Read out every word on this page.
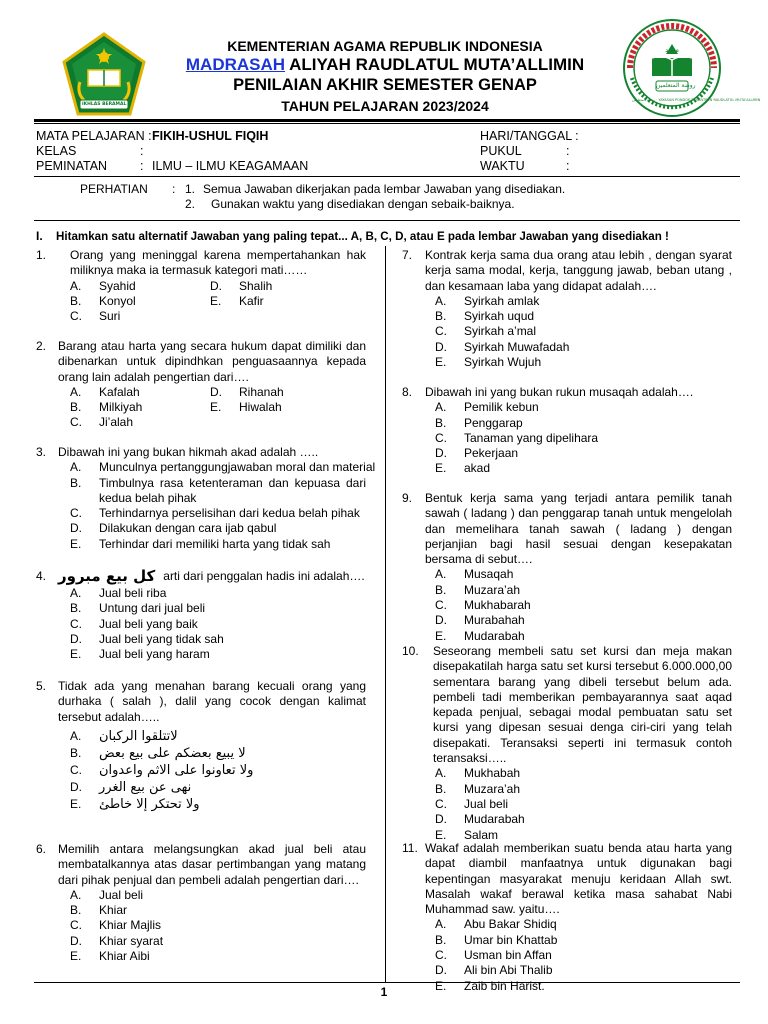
IKHLAS BERAMAL
KEMENTERIAN AGAMA REPUBLIK INDONESIA
MADRASAH ALIYAH RAUDLATUL MUTA’ALLIMIN
PENILAIAN AKHIR SEMESTER GENAP
TAHUN PELAJARAN 2023/2024
معهد
روضة المتعلمين
روضة المتعلمين · YAYASAN PONDOK PESANTREN RAUDLATUL MUTA'ALLIMIN
MATA PELAJARAN : FIKIH-USHUL FIQIH
KELAS	:
PEMINATAN	: ILMU – ILMU KEAGAMAAN
HARI/TANGGAL :
PUKUL	:
WAKTU	:
PERHATIAN : 1. Semua Jawaban dikerjakan pada lembar Jawaban yang disediakan.
2. Gunakan waktu yang disediakan dengan sebaik-baiknya.
I. Hitamkan satu alternatif Jawaban yang paling tepat... A, B, C, D, atau E pada lembar Jawaban yang disediakan !
1
1.	Orang yang meninggal karena mempertahankan hak miliknya maka ia termasuk kategori mati……
A.	Syahid	D.	Shalih
B.	Konyol	E.	Kafir
C.	Suri
2. Barang atau harta yang secara hukum dapat dimiliki dan dibenarkan untuk dipindhkan penguasaannya kepada orang lain adalah pengertian dari….
A.	Kafalah	D.	Rihanah
B.	Milkiyah	E.	Hiwalah
C.	Ji’alah
3. Dibawah ini yang bukan hikmah akad adalah …..
A.	Munculnya pertanggungjawaban moral dan material
B.	Timbulnya rasa ketenteraman dan kepuasa dari kedua belah pihak
C.	Terhindarnya perselisihan dari kedua belah pihak
D.	Dilakukan dengan cara ijab qabul
E.	Terhindar dari memiliki harta yang tidak sah
4. كل بيع مبرور arti dari penggalan hadis ini adalah….
A.	Jual beli riba
B.	Untung dari jual beli
C.	Jual beli yang baik
D.	Jual beli yang tidak sah
E.	Jual beli yang haram
5. Tidak ada yang menahan barang kecuali orang yang durhaka ( salah ), dalil yang cocok dengan kalimat tersebut adalah…..
A.	لاتتلقوا الركبان
B.	لا يبيع بعضكم على بيع بعض
C.	ولا تعاونوا على الاثم واعدوان
D.	نهى عن بيع الغرر
E.	ولا تحتكر إلا خاطئ
6. Memilih antara melangsungkan akad jual beli atau membatalkannya atas dasar pertimbangan yang matang dari pihak penjual dan pembeli adalah pengertian dari….
A.	Jual beli
B.	Khiar
C.	Khiar Majlis
D.	Khiar syarat
E.	Khiar Aibi
7.	Kontrak kerja sama dua orang atau lebih , dengan syarat kerja sama modal, kerja, tanggung jawab, beban utang , dan kesamaan laba yang didapat adalah….
A.	Syirkah amlak
B.	Syirkah uqud
C.	Syirkah a’mal
D.	Syirkah Muwafadah
E.	Syirkah Wujuh
8.	Dibawah ini yang bukan rukun musaqah adalah….
A.	Pemilik kebun
B.	Penggarap
C.	Tanaman yang dipelihara
D.	Pekerjaan
E.	akad
9.	Bentuk kerja sama yang terjadi antara pemilik tanah sawah ( ladang ) dan penggarap tanah untuk mengelolah dan memelihara tanah sawah ( ladang ) dengan perjanjian bagi hasil sesuai dengan kesepakatan bersama di sebut….
A.	Musaqah
B.	Muzara’ah
C.	Mukhabarah
D.	Murabahah
E.	Mudarabah
10.	Seseorang membeli satu set kursi dan meja makan disepakatilah harga satu set kursi tersebut 6.000.000,00 sementara barang yang dibeli tersebut belum ada. pembeli tadi memberikan pembayarannya saat aqad kepada penjual, sebagai modal pembuatan satu set kursi yang dipesan sesuai denga ciri-ciri yang telah disepakati. Teransaksi seperti ini termasuk contoh teransaksi…..
A.	Mukhabah
B.	Muzara’ah
C.	Jual beli
D.	Mudarabah
E.	Salam
11. Wakaf adalah memberikan suatu benda atau harta yang dapat diambil manfaatnya untuk digunakan bagi kepentingan masyarakat menuju keridaan Allah swt. Masalah wakaf berawal ketika masa sahabat Nabi Muhammad saw. yaitu….
A.	Abu Bakar Shidiq
B.	Umar bin Khattab
C.	Usman bin Affan
D.	Ali bin Abi Thalib
E.	Zaib bin Harist.
